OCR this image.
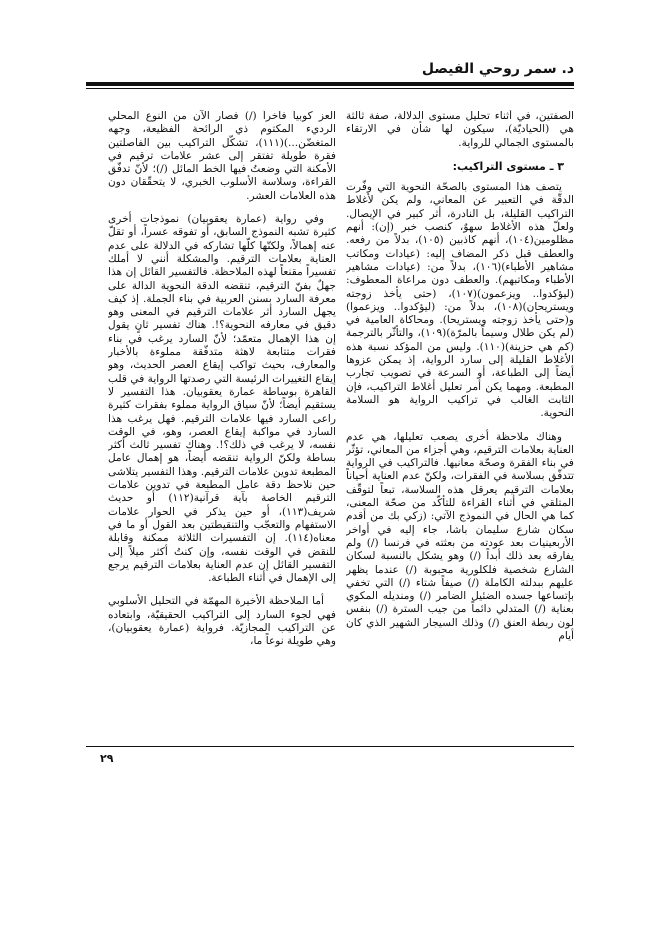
د. سمر روحي الفيصل

الصفتين، في أثناء تحليل مستوى الدلالة، صفة ثالثة هي (الحياديّة)، سيكون لها شأن في الارتقاء بالمستوى الجمالي للرواية.

٣ ـ مستوى التراكيب:

يتصف هذا المستوى بالصحّة النحوية التي وفّرت الدقّة في التعبير عن المعاني، ولم يكن لأغلاط التراكيب القليلة، بل النادرة، أثر كبير في الإيصال. ولعلّ هذه الأغلاط سهوٌ، كنصب خبر (إن): أنهم مظلومين(١٠٤)، أنهم كاذبين (١٠٥)، بدلاً من رفعه. والعطف قبل ذكر المضاف إليه: (عيادات ومكاتب مشاهير الأطباء)(١٠٦)، بدلاً من: (عيادات مشاهير الأطباء ومكاتبهم). والعطف دون مراعاة المعطوف: (ليؤكدوا.. ويزعمون)(١٠٧)، (حتى يأخذ زوجته ويستريحان)(١٠٨)، بدلاً من: (ليؤكدوا.. ويزعموا) و(حتى يأخذ زوجته ويستريحا). ومحاكاة العامية في (لم يكن طلال وسيماً بالمرّة)(١٠٩)، والتأثّر بالترجمة (كم هي حزينة)(١١٠). وليس من المؤكد نسبة هذه الأغلاط القليلة إلى سارد الرواية، إذ يمكن عزوها أيضاً إلى الطباعة، أو السرعة في تصويب تجارب المطبعة. ومهما يكن أمر تعليل أغلاط التراكيب، فإن الثابت الغالب في تراكيب الرواية هو السلامة النحوية.

وهناك ملاحظة أخرى يصعب تعليلها، هي عدم العناية بعلامات الترقيم، وهي أجزاء من المعاني، تؤثّر في بناء الفقرة وصحّة معانيها. فالتراكيب في الرواية تتدفّق بسلاسة في الفقرات، ولكنّ عدم العناية أحياناً بعلامات الترقيم يعرقل هذه السلاسة، تبعاً لتوقّف المتلقي في أثناء القراءة للتأكّد من صحّة المعنى، كما هي الحال في النموذج الآتي: (زكي بك من أقدم سكان شارع سليمان باشا، جاء إليه في أواخر الأربعينيات بعد عودته من بعثته في فرنسا (/) ولم يفارقه بعد ذلك أبداً (/) وهو يشكل بالنسبة لسكان الشارع شخصية فلكلورية محبوبة (/) عندما يظهر عليهم ببدلته الكاملة (/) صيفاً شتاء (/) التي تخفي بإتساعها جسده الضئيل الضامر (/) ومنديله المكوي بعناية (/) المتدلي دائماً من جيب السترة (/) بنفس لون ربطة العنق (/) وذلك السيجار الشهير الذي كان أيام

العز كوبياً فاخراً (/) فصار الآن من النوع المحلي الرديء المكتوم ذي الرائحة الفظيعة، وجهه المتغضّن...)(١١١)، تشكّل التراكيب بين الفاصلتين فقرة طويلة تفتقر إلى عشر علامات ترقيم في الأمكنة التي وضعتُ فيها الخط المائل (/)؛ لأنّ تدفّق القراءة، وسلاسة الأسلوب الخبري، لا يتحقّقان دون هذه العلامات العشر.

وفي رواية (عمارة يعقوبيان) نموذجات أخرى كثيرة تشبه النموذج السابق، أو تفوقه عسراً، أو تقلّ عنه إهمالاً، ولكنّها كلّها تشاركه في الدلالة على عدم العناية بعلامات الترقيم. والمشكلة أنني لا أملك تفسيراً مقنعاً لهذه الملاحظة. فالتفسير القائل إن هذا جهلٌ بفنّ الترقيم، تنقضه الدقة النحوية الدالة على معرفة السارد بسنن العربية في بناء الجملة. إذ كيف يجهل السارد أثر علامات الترقيم في المعنى وهو دقيق في معارفه النحوية؟!. هناك تفسير ثانٍ يقول إن هذا الإهمال متعمّد؛ لأنّ السارد يرغب في بناء فقرات متتابعة لاهثة متدفّقة مملوءة بالأخبار والمعارف، بحيث تواكب إيقاع العصر الحديث، وهو إيقاع التغييرات الرئيسة التي رصدتها الرواية في قلب القاهرة بوساطة عمارة يعقوبيان. هذا التفسير لا يستقيم أيضاً؛ لأنّ سياق الرواية مملوء بفقرات كثيرة راعى السارد فيها علامات الترقيم. فهل يرغب هذا السارد في مواكبة إيقاع العصر، وهو، في الوقت نفسه، لا يرغب في ذلك؟!. وهناك تفسير ثالث أكثر بساطة ولكنّ الرواية تنقضه أيضاً، هو إهمال عامل المطبعة تدوين علامات الترقيم. وهذا التفسير يتلاشى حين نلاحظ دقة عامل المطبعة في تدوين علامات الترقيم الخاصة بآية قرآنية(١١٢) أو حديث شريف(١١٣)، أو حين يذكر في الحوار علامات الاستفهام والتعجّب والتنقيطتين بعد القول أو ما في معناه(١١٤). إن التفسيرات الثلاثة ممكنة وقابلة للنقض في الوقت نفسه، وإن كنتُ أكثر ميلاً إلى التفسير القائل إن عدم العناية بعلامات الترقيم يرجع إلى الإهمال في أثناء الطباعة.

أما الملاحظة الأخيرة المهمّة في التحليل الأسلوبي فهي لجوء السارد إلى التراكيب الحقيقيّة، وابتعاده عن التراكيب المجازيّة. فرواية (عمارة يعقوبيان)، وهي طويلة نوعاً ما،

٢٩
